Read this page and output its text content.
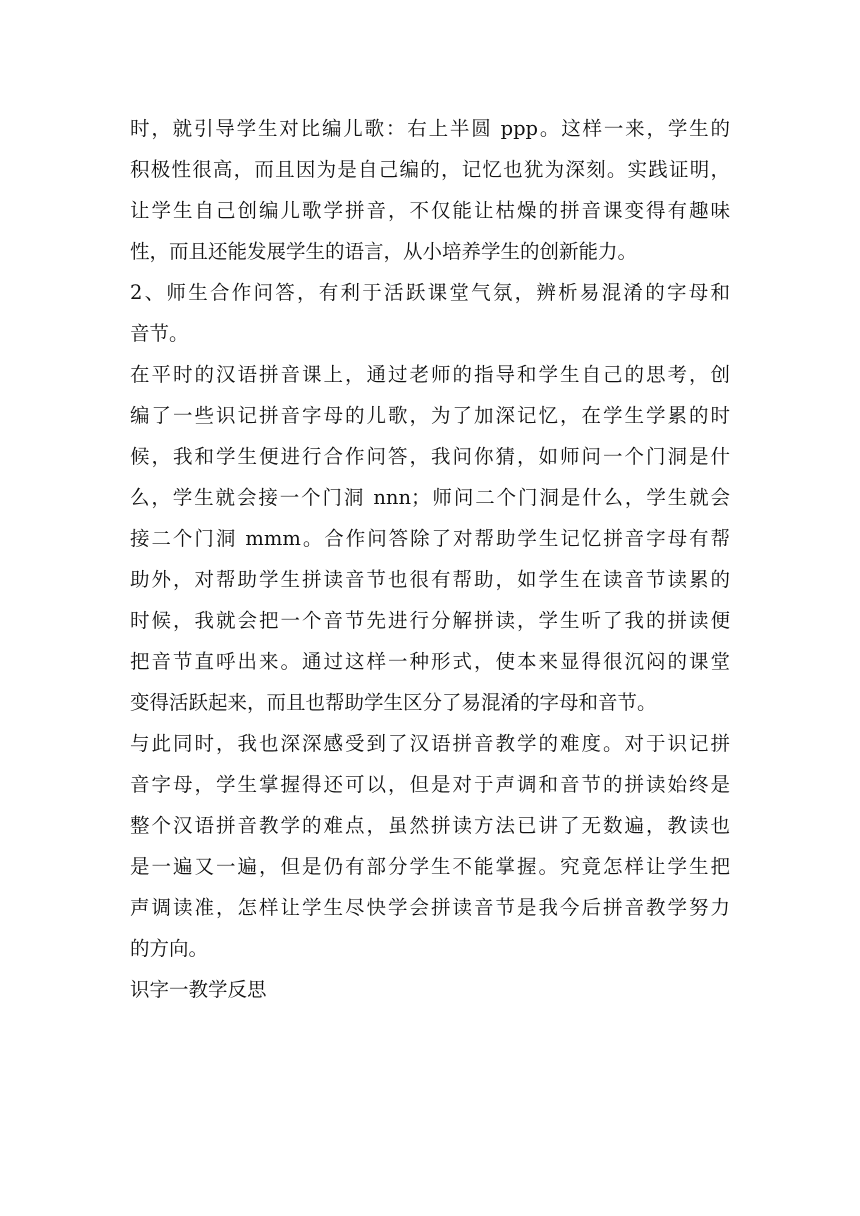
时，就引导学生对比编儿歌：右上半圆 ppp。这样一来，学生的
积极性很高，而且因为是自己编的，记忆也犹为深刻。实践证明，
让学生自己创编儿歌学拼音，不仅能让枯燥的拼音课变得有趣味
性，而且还能发展学生的语言，从小培养学生的创新能力。
2、师生合作问答，有利于活跃课堂气氛，辨析易混淆的字母和
音节。
在平时的汉语拼音课上，通过老师的指导和学生自己的思考，创
编了一些识记拼音字母的儿歌，为了加深记忆，在学生学累的时
候，我和学生便进行合作问答，我问你猜，如师问一个门洞是什
么，学生就会接一个门洞 nnn；师问二个门洞是什么，学生就会
接二个门洞 mmm。合作问答除了对帮助学生记忆拼音字母有帮
助外，对帮助学生拼读音节也很有帮助，如学生在读音节读累的
时候，我就会把一个音节先进行分解拼读，学生听了我的拼读便
把音节直呼出来。通过这样一种形式，使本来显得很沉闷的课堂
变得活跃起来，而且也帮助学生区分了易混淆的字母和音节。
与此同时，我也深深感受到了汉语拼音教学的难度。对于识记拼
音字母，学生掌握得还可以，但是对于声调和音节的拼读始终是
整个汉语拼音教学的难点，虽然拼读方法已讲了无数遍，教读也
是一遍又一遍，但是仍有部分学生不能掌握。究竟怎样让学生把
声调读准，怎样让学生尽快学会拼读音节是我今后拼音教学努力
的方向。
识字一教学反思
